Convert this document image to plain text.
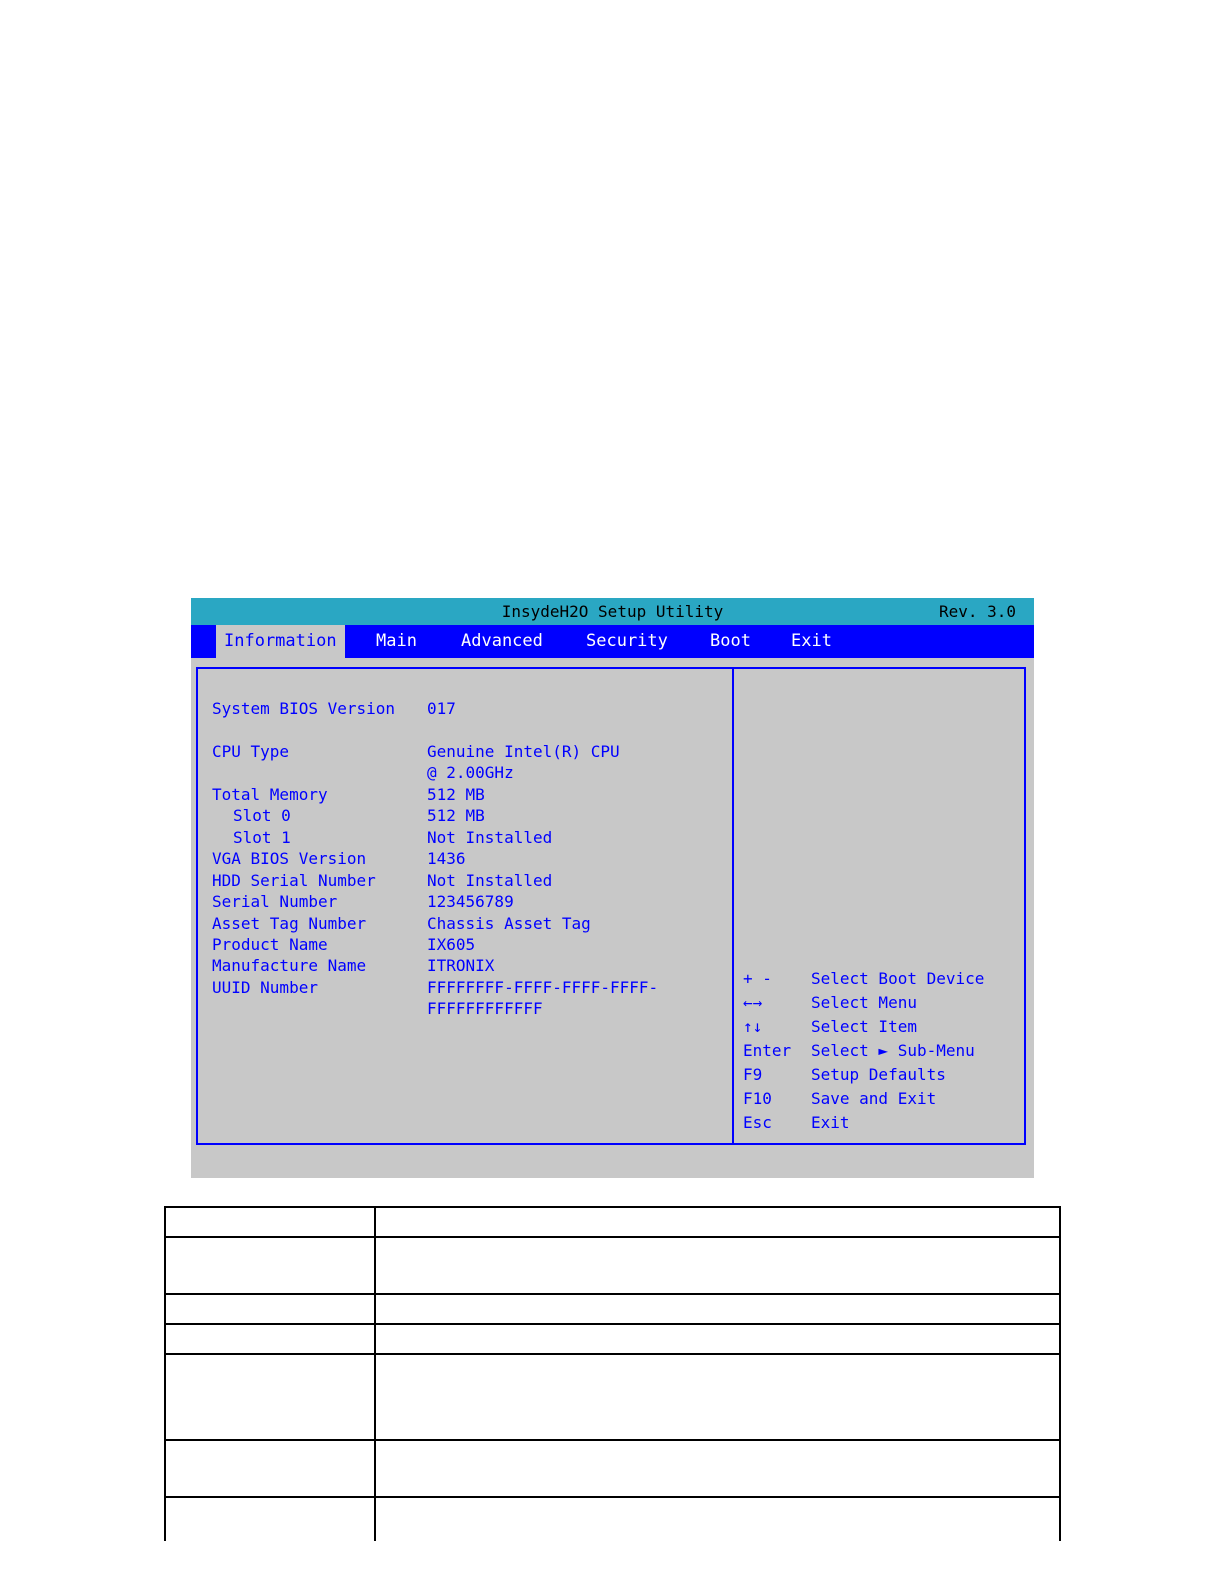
InsydeH2O Setup Utility	Rev. 3.0
Information	Main	Advanced	Security	Boot	Exit
System BIOS Version 017
CPU Type	Genuine Intel(R) CPU
@ 2.00GHz
Total Memory	512 MB
Slot 0	512 MB
Slot 1	Not Installed
VGA BIOS Version	1436
HDD Serial Number	Not Installed
Serial Number	123456789
Asset Tag Number	Chassis Asset Tag
Product Name	IX605
Manufacture Name	ITRONIX
UUID Number	FFFFFFFF-FFFF-FFFF-FFFF-
FFFFFFFFFFFF
+ - Select Boot Device
←→	Select Menu
↑↓	Select Item
Enter Select ► Sub-Menu
F9	Setup Defaults
F10 Save and Exit
Esc Exit
